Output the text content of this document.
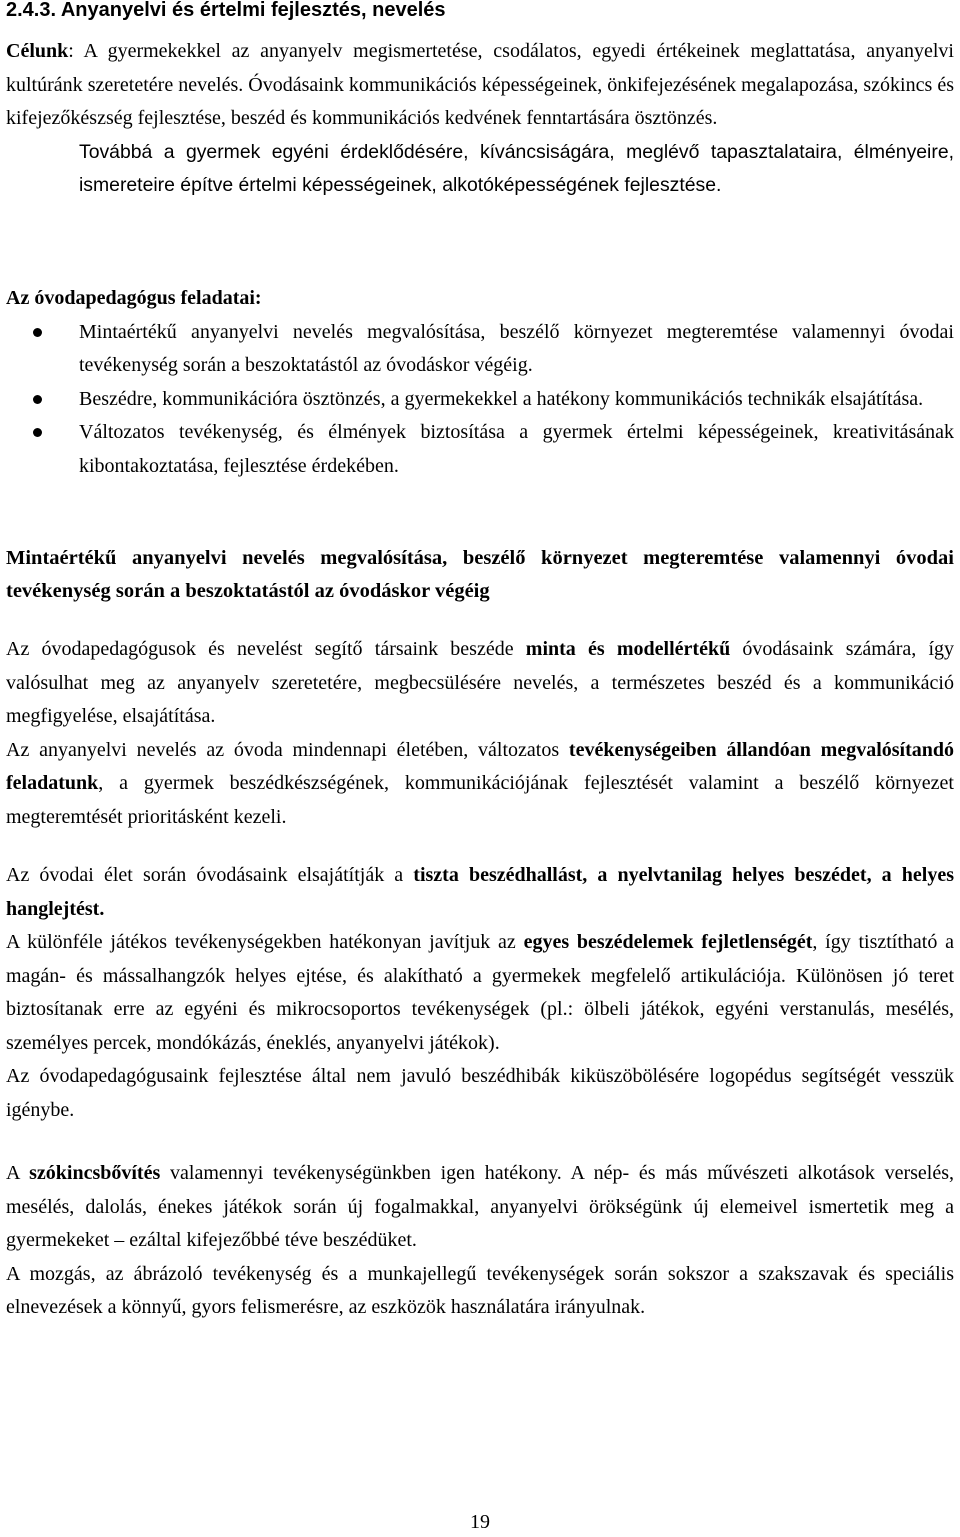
2.4.3. Anyanyelvi és értelmi fejlesztés, nevelés

Célunk: A gyermekekkel az anyanyelv megismertetése, csodálatos, egyedi értékeinek meglattatása, anyanyelvi kultúránk szeretetére nevelés. Óvodásaink kommunikációs képességeinek, önkifejezésének megalapozása, szókincs és kifejezőkészség fejlesztése, beszéd és kommunikációs kedvének fenntartására ösztönzés.

Továbbá a gyermek egyéni érdeklődésére, kíváncsiságára, meglévő tapasztalataira, élményeire, ismereteire építve értelmi képességeinek, alkotóképességének fejlesztése.

Az óvodapedagógus feladatai:

Mintaértékű anyanyelvi nevelés megvalósítása, beszélő környezet megteremtése valamennyi óvodai tevékenység során a beszoktatástól az óvodáskor végéig.
Beszédre, kommunikációra ösztönzés, a gyermekekkel a hatékony kommunikációs technikák elsajátítása.
Változatos tevékenység, és élmények biztosítása a gyermek értelmi képességeinek, kreativitásának kibontakoztatása, fejlesztése érdekében.
Mintaértékű anyanyelvi nevelés megvalósítása, beszélő környezet megteremtése valamennyi óvodai tevékenység során a beszoktatástól az óvodáskor végéig

Az óvodapedagógusok és nevelést segítő társaink beszéde minta és modellértékű óvodásaink számára, így valósulhat meg az anyanyelv szeretetére, megbecsülésére nevelés, a természetes beszéd és a kommunikáció megfigyelése, elsajátítása.

Az anyanyelvi nevelés az óvoda mindennapi életében, változatos tevékenységeiben állandóan megvalósítandó feladatunk, a gyermek beszédkészségének, kommunikációjának fejlesztését valamint a beszélő környezet megteremtését prioritásként kezeli.

Az óvodai élet során óvodásaink elsajátítják a tiszta beszédhallást, a nyelvtanilag helyes beszédet, a helyes hanglejtést.

A különféle játékos tevékenységekben hatékonyan javítjuk az egyes beszédelemek fejletlenségét, így tisztítható a magán- és mássalhangzók helyes ejtése, és alakítható a gyermekek megfelelő artikulációja. Különösen jó teret biztosítanak erre az egyéni és mikrocsoportos tevékenységek (pl.: ölbeli játékok, egyéni verstanulás, mesélés, személyes percek, mondókázás, éneklés, anyanyelvi játékok).

Az óvodapedagógusaink fejlesztése által nem javuló beszédhibák kiküszöbölésére logopédus segítségét vesszük igénybe.

A szókincsbővítés valamennyi tevékenységünkben igen hatékony. A nép- és más művészeti alkotások verselés, mesélés, dalolás, énekes játékok során új fogalmakkal, anyanyelvi örökségünk új elemeivel ismertetik meg a gyermekeket – ezáltal kifejezőbbé téve beszédüket.

A mozgás, az ábrázoló tevékenység és a munkajellegű tevékenységek során sokszor a szakszavak és speciális elnevezések a könnyű, gyors felismerésre, az eszközök használatára irányulnak.

19
